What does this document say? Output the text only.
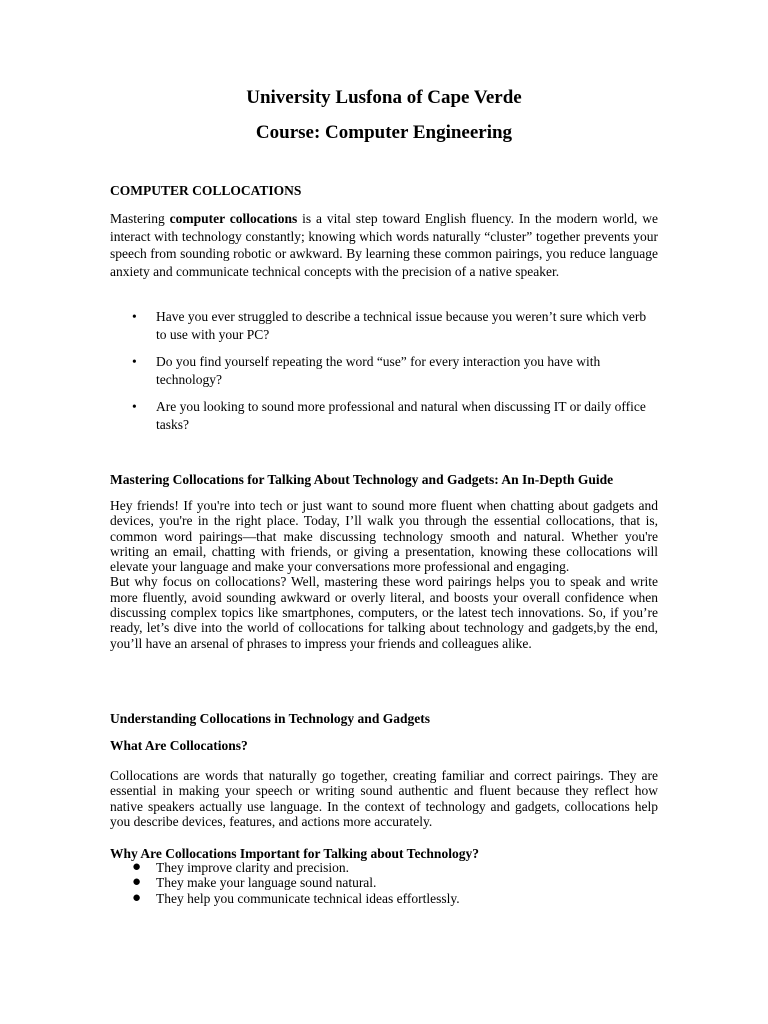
University Lusfona of Cape Verde
Course: Computer Engineering
COMPUTER COLLOCATIONS
Mastering computer collocations is a vital step toward English fluency. In the modern world, we interact with technology constantly; knowing which words naturally “cluster” together prevents your speech from sounding robotic or awkward. By learning these common pairings, you reduce language anxiety and communicate technical concepts with the precision of a native speaker.
• Have you ever struggled to describe a technical issue because you weren’t sure which verb to use with your PC?
• Do you find yourself repeating the word “use” for every interaction you have with technology?
• Are you looking to sound more professional and natural when discussing IT or daily office tasks?
Mastering Collocations for Talking About Technology and Gadgets: An In-Depth Guide
Hey friends! If you're into tech or just want to sound more fluent when chatting about gadgets and devices, you're in the right place. Today, I’ll walk you through the essential collocations, that is, common word pairings—that make discussing technology smooth and natural. Whether you're writing an email, chatting with friends, or giving a presentation, knowing these collocations will elevate your language and make your conversations more professional and engaging.
But why focus on collocations? Well, mastering these word pairings helps you to speak and write more fluently, avoid sounding awkward or overly literal, and boosts your overall confidence when discussing complex topics like smartphones, computers, or the latest tech innovations. So, if you’re ready, let’s dive into the world of collocations for talking about technology and gadgets,by the end, you’ll have an arsenal of phrases to impress your friends and colleagues alike.
Understanding Collocations in Technology and Gadgets
What Are Collocations?
Collocations are words that naturally go together, creating familiar and correct pairings. They are essential in making your speech or writing sound authentic and fluent because they reflect how native speakers actually use language. In the context of technology and gadgets, collocations help you describe devices, features, and actions more accurately.
Why Are Collocations Important for Talking about Technology?
● They improve clarity and precision.
● They make your language sound natural.
● They help you communicate technical ideas effortlessly.
